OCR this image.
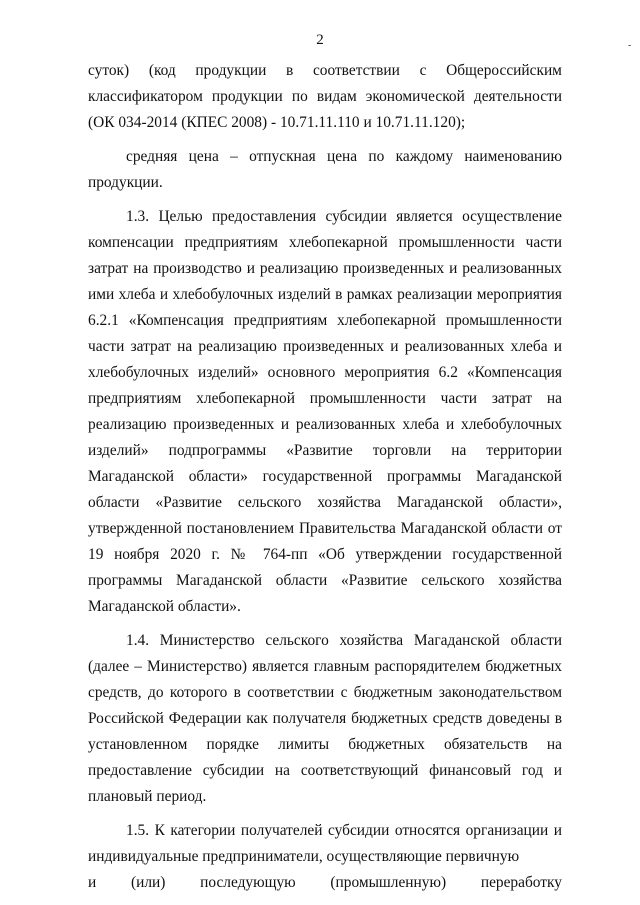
2	-
суток) (код продукции в соответствии с Общероссийским

классификатором продукции по видам экономической деятельности (ОК 034-2014 (КПЕС 2008) - 10.71.11.110 и 10.71.11.120);

средняя цена – отпускная цена по каждому наименованию продукции.

1.3. Целью предоставления субсидии является осуществление компенсации предприятиям хлебопекарной промышленности части затрат на производство и реализацию произведенных и реализованных ими хлеба и хлебобулочных изделий в рамках реализации мероприятия 6.2.1 «Компенсация предприятиям хлебопекарной промышленности части затрат на реализацию произведенных и реализованных хлеба и хлебобулочных изделий» основного мероприятия 6.2 «Компенсация предприятиям хлебопекарной промышленности части затрат на реализацию произведенных и реализованных хлеба и хлебобулочных изделий» подпрограммы «Развитие торговли на территории Магаданской области» государственной программы Магаданской области «Развитие сельского хозяйства Магаданской области», утвержденной постановлением Правительства Магаданской области от 19 ноября 2020 г. № 764-пп «Об утверждении государственной программы Магаданской области «Развитие сельского хозяйства Магаданской области».

1.4. Министерство сельского хозяйства Магаданской области (далее – Министерство) является главным распорядителем бюджетных средств, до которого в соответствии с бюджетным законодательством Российской Федерации как получателя бюджетных средств доведены в установленном порядке лимиты бюджетных обязательств на предоставление субсидии на соответствующий финансовый год и плановый период.

1.5. К категории получателей субсидии относятся организации и индивидуальные предприниматели, осуществляющие первичную

и (или) последующую (промышленную) переработку
